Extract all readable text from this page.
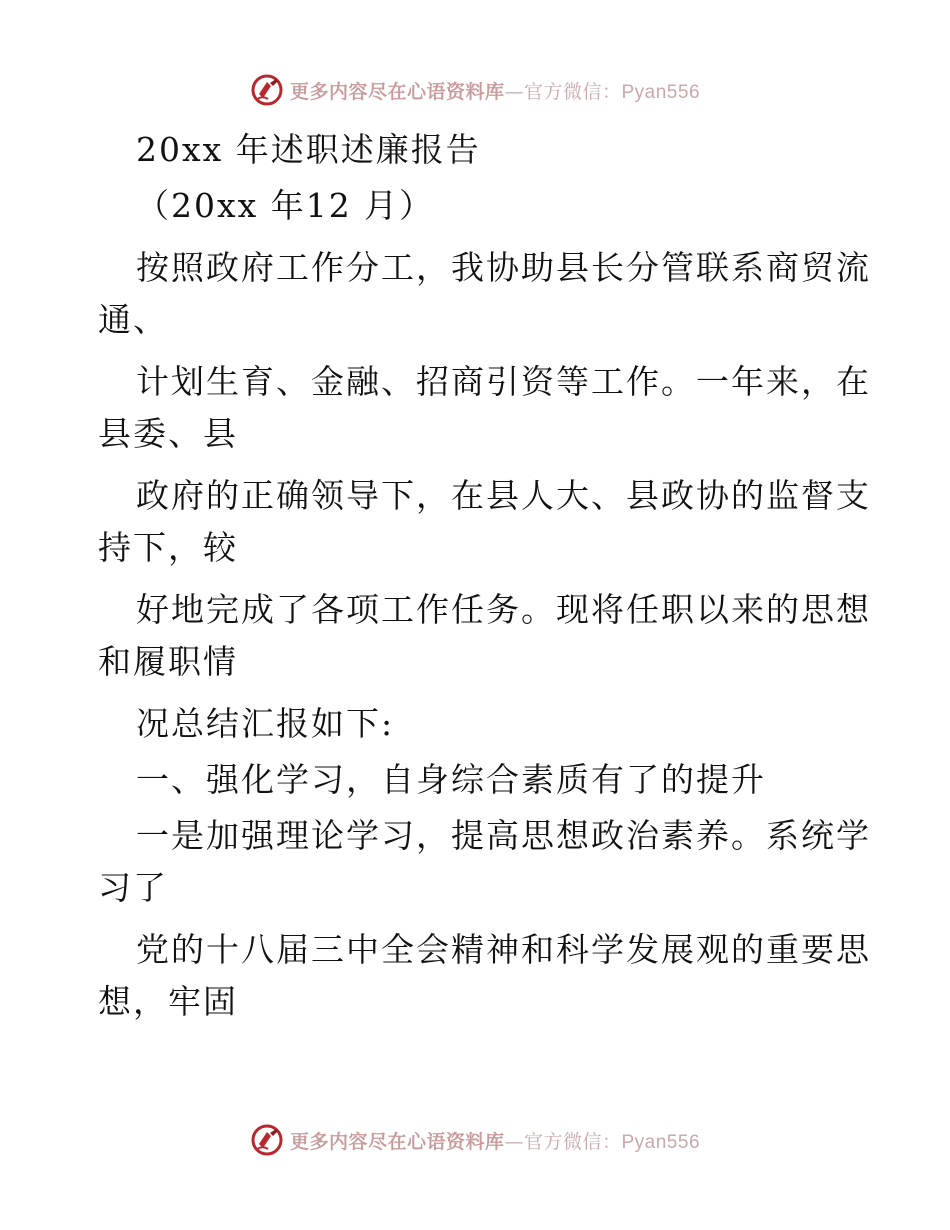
更多内容尽在心语资料库—官方微信：Pyan556
20xx 年述职述廉报告
（20xx 年12 月）
按照政府工作分工，我协助县长分管联系商贸流
通、
计划生育、金融、招商引资等工作。一年来，在
县委、县
政府的正确领导下，在县人大、县政协的监督支
持下，较
好地完成了各项工作任务。现将任职以来的思想
和履职情
况总结汇报如下:
一、强化学习，自身综合素质有了的提升
一是加强理论学习，提高思想政治素养。系统学
习了
党的十八届三中全会精神和科学发展观的重要思
想，牢固
更多内容尽在心语资料库—官方微信：Pyan556
